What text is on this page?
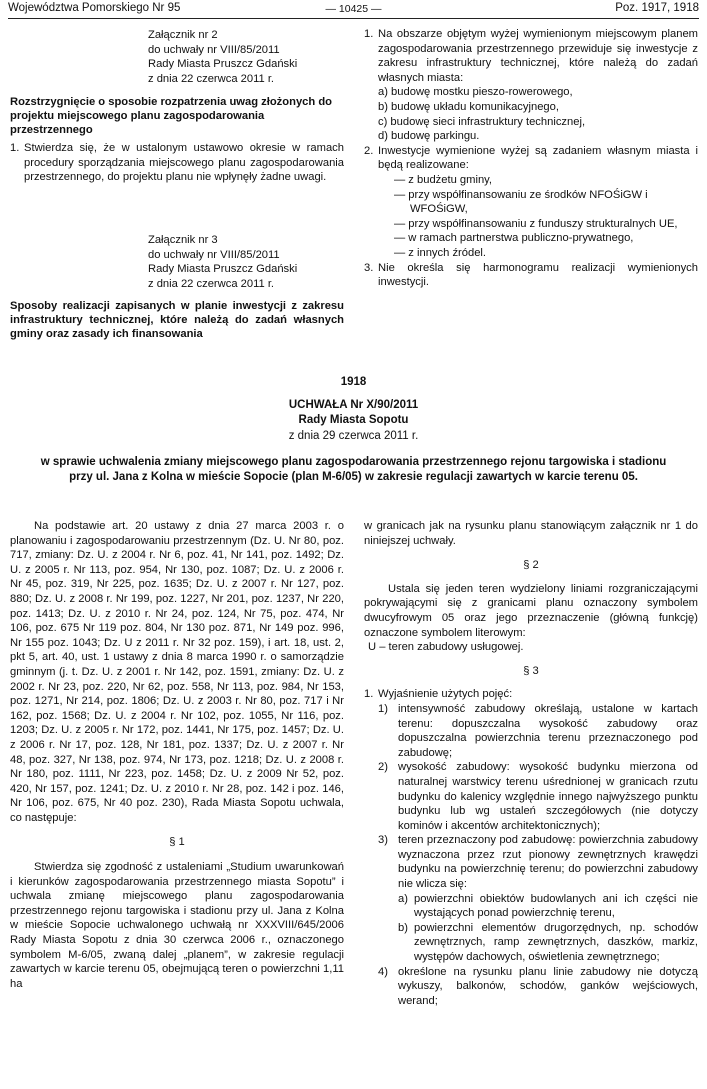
Województwa Pomorskiego Nr 95	— 10425 —	Poz. 1917, 1918
Załącznik nr 2
do uchwały nr VIII/85/2011
Rady Miasta Pruszcz Gdański
z dnia 22 czerwca 2011 r.
Rozstrzygnięcie o sposobie rozpatrzenia uwag złożonych do projektu miejscowego planu zagospodarowania przestrzennego
1. Stwierdza się, że w ustalonym ustawowo okresie w ramach procedury sporządzania miejscowego planu zagospodarowania przestrzennego, do projektu planu nie wpłynęły żadne uwagi.
Załącznik nr 3
do uchwały nr VIII/85/2011
Rady Miasta Pruszcz Gdański
z dnia 22 czerwca 2011 r.
Sposoby realizacji zapisanych w planie inwestycji z zakresu infrastruktury technicznej, które należą do zadań własnych gminy oraz zasady ich finansowania
1. Na obszarze objętym wyżej wymienionym miejscowym planem zagospodarowania przestrzennego przewiduje się inwestycje z zakresu infrastruktury technicznej, które należą do zadań własnych miasta:
a) budowę mostku pieszo-rowerowego,
b) budowę układu komunikacyjnego,
c) budowę sieci infrastruktury technicznej,
d) budowę parkingu.
2. Inwestycje wymienione wyżej są zadaniem własnym miasta i będą realizowane:
— z budżetu gminy,
— przy współfinansowaniu ze środków NFOŚiGW i WFOŚiGW,
— przy współfinansowaniu z funduszy strukturalnych UE,
— w ramach partnerstwa publiczno-prywatnego,
— z innych źródel.
3. Nie określa się harmonogramu realizacji wymienionych inwestycji.
1918
UCHWAŁA Nr X/90/2011
Rady Miasta Sopotu
z dnia 29 czerwca 2011 r.
w sprawie uchwalenia zmiany miejscowego planu zagospodarowania przestrzennego rejonu targowiska i stadionu przy ul. Jana z Kolna w mieście Sopocie (plan M-6/05) w zakresie regulacji zawartych w karcie terenu 05.

Na podstawie art. 20 ustawy z dnia 27 marca 2003 r. o planowaniu i zagospodarowaniu przestrzennym (Dz. U. Nr 80, poz. 717, zmiany: Dz. U. z 2004 r. Nr 6, poz. 41, Nr 141, poz. 1492; Dz. U. z 2005 r. Nr 113, poz. 954, Nr 130, poz. 1087; Dz. U. z 2006 r. Nr 45, poz. 319, Nr 225, poz. 1635; Dz. U. z 2007 r. Nr 127, poz. 880; Dz. U. z 2008 r. Nr 199, poz. 1227, Nr 201, poz. 1237, Nr 220, poz. 1413; Dz. U. z 2010 r. Nr 24, poz. 124, Nr 75, poz. 474, Nr 106, poz. 675 Nr 119 poz. 804, Nr 130 poz. 871, Nr 149 poz. 996, Nr 155 poz. 1043; Dz. U z 2011 r. Nr 32 poz. 159), i art. 18, ust. 2, pkt 5, art. 40, ust. 1 ustawy z dnia 8 marca 1990 r. o samorządzie gminnym (j. t. Dz. U. z 2001 r. Nr 142, poz. 1591, zmiany: Dz. U. z 2002 r. Nr 23, poz. 220, Nr 62, poz. 558, Nr 113, poz. 984, Nr 153, poz. 1271, Nr 214, poz. 1806; Dz. U. z 2003 r. Nr 80, poz. 717 i Nr 162, poz. 1568; Dz. U. z 2004 r. Nr 102, poz. 1055, Nr 116, poz. 1203; Dz. U. z 2005 r. Nr 172, poz. 1441, Nr 175, poz. 1457; Dz. U. z 2006 r. Nr 17, poz. 128, Nr 181, poz. 1337; Dz. U. z 2007 r. Nr 48, poz. 327, Nr 138, poz. 974, Nr 173, poz. 1218; Dz. U. z 2008 r. Nr 180, poz. 1111, Nr 223, poz. 1458; Dz. U. z 2009 Nr 52, poz. 420, Nr 157, poz. 1241; Dz. U. z 2010 r. Nr 28, poz. 142 i poz. 146, Nr 106, poz. 675, Nr 40 poz. 230), Rada Miasta Sopotu uchwala, co następuje:

§ 1

Stwierdza się zgodność z ustaleniami „Studium uwarunkowań i kierunków zagospodarowania przestrzennego miasta Sopotu” i uchwala zmianę miejscowego planu zagospodarowania przestrzennego rejonu targowiska i stadionu przy ul. Jana z Kolna w mieście Sopocie uchwalonego uchwałą nr XXXVIII/645/2006 Rady Miasta Sopotu z dnia 30 czerwca 2006 r., oznaczonego symbolem M-6/05, zwaną dalej „planem”, w zakresie regulacji zawartych w karcie terenu 05, obejmującą teren o powierzchni 1,11 ha

w granicach jak na rysunku planu stanowiącym załącznik nr 1 do niniejszej uchwały.

§ 2

Ustala się jeden teren wydzielony liniami rozgraniczającymi pokrywającymi się z granicami planu oznaczony symbolem dwucyfrowym 05 oraz jego przeznaczenie (główną funkcję) oznaczone symbolem literowym:

U – teren zabudowy usługowej.

§ 3

1. Wyjaśnienie użytych pojęć:
1) intensywność zabudowy określają, ustalone w kartach terenu: dopuszczalna wysokość zabudowy oraz dopuszczalna powierzchnia terenu przeznaczonego pod zabudowę;
2) wysokość zabudowy: wysokość budynku mierzona od naturalnej warstwicy terenu uśrednionej w granicach rzutu budynku do kalenicy względnie innego najwyższego punktu budynku lub wg ustaleń szczegółowych (nie dotyczy kominów i akcentów architektonicznych);
3) teren przeznaczony pod zabudowę: powierzchnia zabudowy wyznaczona przez rzut pionowy zewnętrznych krawędzi budynku na powierzchnię terenu; do powierzchni zabudowy nie wlicza się:
a) powierzchni obiektów budowlanych ani ich części nie wystających ponad powierzchnię terenu,
b) powierzchni elementów drugorzędnych, np. schodów zewnętrznych, ramp zewnętrznych, daszków, markiz, występów dachowych, oświetlenia zewnętrznego;
4) określone na rysunku planu linie zabudowy nie dotyczą wykuszy, balkonów, schodów, ganków wejściowych, werand;
